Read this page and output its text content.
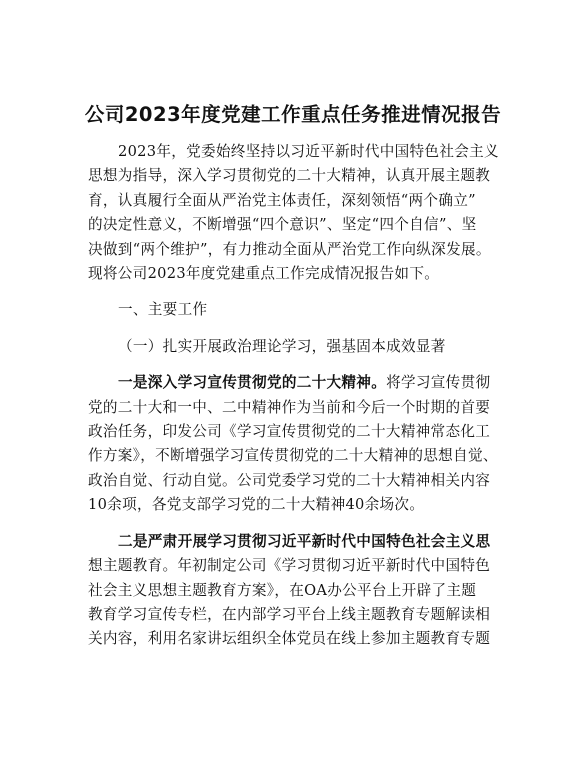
公司2023年度党建工作重点任务推进情况报告

2023年，党委始终坚持以习近平新时代中国特色社会主义
思想为指导，深入学习贯彻党的二十大精神，认真开展主题教
育，认真履行全面从严治党主体责任，深刻领悟“两个确立”
的决定性意义，不断增强“四个意识”、坚定“四个自信”、坚
决做到“两个维护”，有力推动全面从严治党工作向纵深发展。
现将公司2023年度党建重点工作完成情况报告如下。

一、主要工作

（一）扎实开展政治理论学习，强基固本成效显著

一是深入学习宣传贯彻党的二十大精神。将学习宣传贯彻
党的二十大和一中、二中精神作为当前和今后一个时期的首要
政治任务，印发公司《学习宣传贯彻党的二十大精神常态化工
作方案》，不断增强学习宣传贯彻党的二十大精神的思想自觉、
政治自觉、行动自觉。公司党委学习党的二十大精神相关内容
10余项，各党支部学习党的二十大精神40余场次。

二是严肃开展学习贯彻习近平新时代中国特色社会主义思
想主题教育。年初制定公司《学习贯彻习近平新时代中国特色
社会主义思想主题教育方案》，在OA办公平台上开辟了主题
教育学习宣传专栏，在内部学习平台上线主题教育专题解读相
关内容，利用名家讲坛组织全体党员在线上参加主题教育专题
